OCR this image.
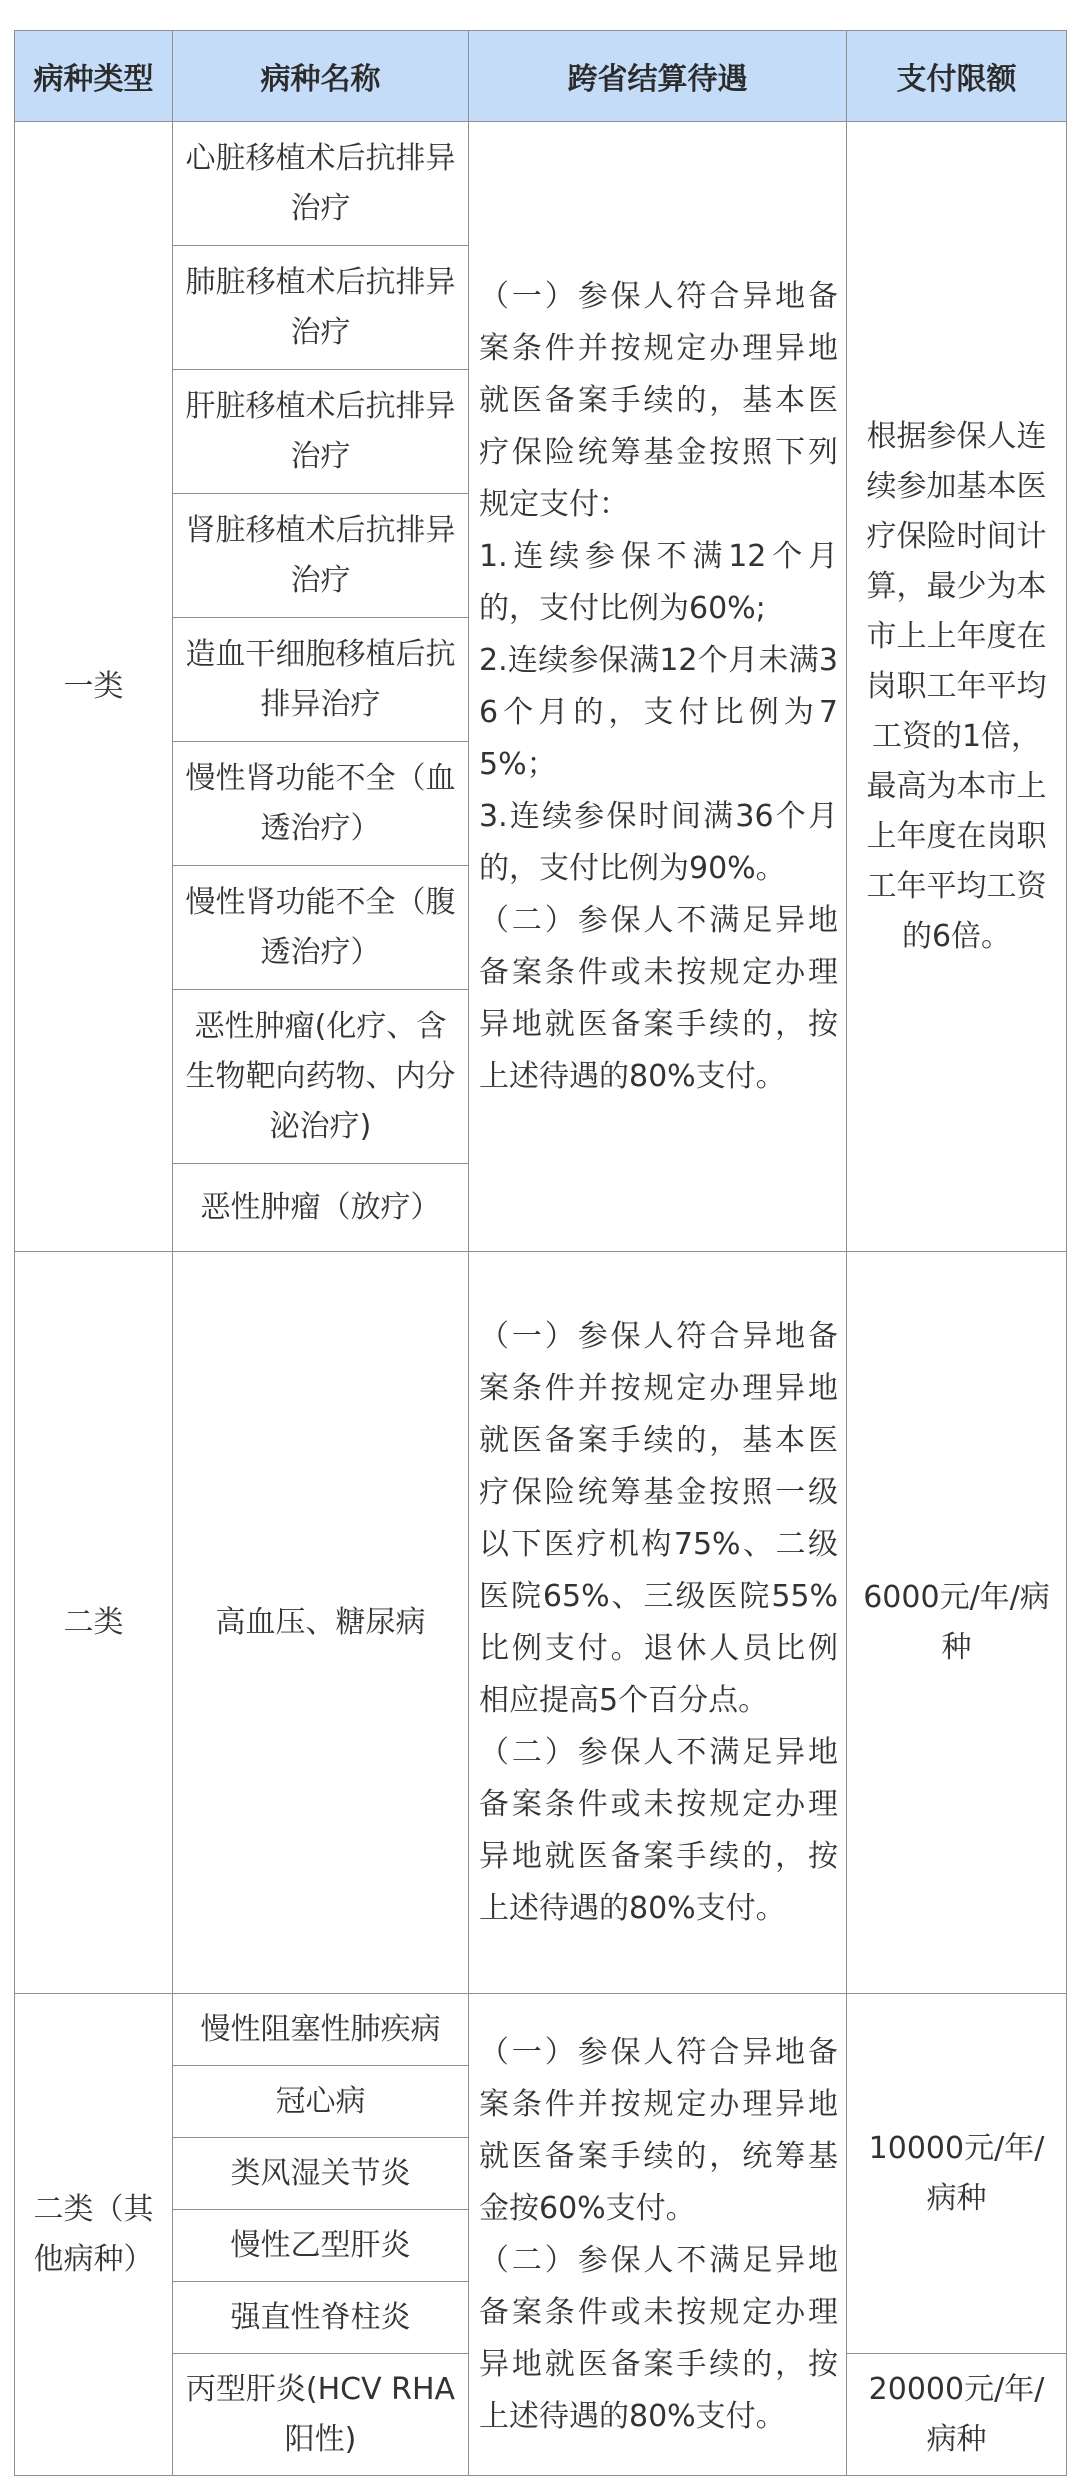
病种类型	病种名称	跨省结算待遇	支付限额
一类	心脏移植术后抗排异治疗	（一）参保人符合异地备案条件并按规定办理异地就医备案手续的，基本医疗保险统筹基金按照下列规定支付：

1.连续参保不满12个月的，支付比例为60%;

2.连续参保满12个月未满36个月的，支付比例为75%；

3.连续参保时间满36个月的，支付比例为90%。

（二）参保人不满足异地备案条件或未按规定办理异地就医备案手续的，按上述待遇的80%支付。	根据参保人连续参加基本医疗保险时间计算，最少为本市上上年度在岗职工年平均工资的1倍，最高为本市上上年度在岗职工年平均工资的6倍。
	肺脏移植术后抗排异治疗		
	肝脏移植术后抗排异治疗		
	肾脏移植术后抗排异治疗		
	造血干细胞移植后抗排异治疗		
	慢性肾功能不全（血透治疗）		
	慢性肾功能不全（腹透治疗）		
	恶性肿瘤(化疗、含生物靶向药物、内分泌治疗)		
	恶性肿瘤（放疗）		
二类	高血压、糖尿病	（一）参保人符合异地备案条件并按规定办理异地就医备案手续的，基本医疗保险统筹基金按照一级以下医疗机构75%、二级医院65%、三级医院55%比例支付。退休人员比例相应提高5个百分点。

（二）参保人不满足异地备案条件或未按规定办理异地就医备案手续的，按上述待遇的80%支付。	6000元/年/病种
二类（其他病种）	慢性阻塞性肺疾病	（一）参保人符合异地备案条件并按规定办理异地就医备案手续的，统筹基金按60%支付。

（二）参保人不满足异地备案条件或未按规定办理异地就医备案手续的，按上述待遇的80%支付。	10000元/年/病种
	冠心病		
	类风湿关节炎		
	慢性乙型肝炎		
	强直性脊柱炎		
	丙型肝炎(HCV RHA阳性)		20000元/年/病种
